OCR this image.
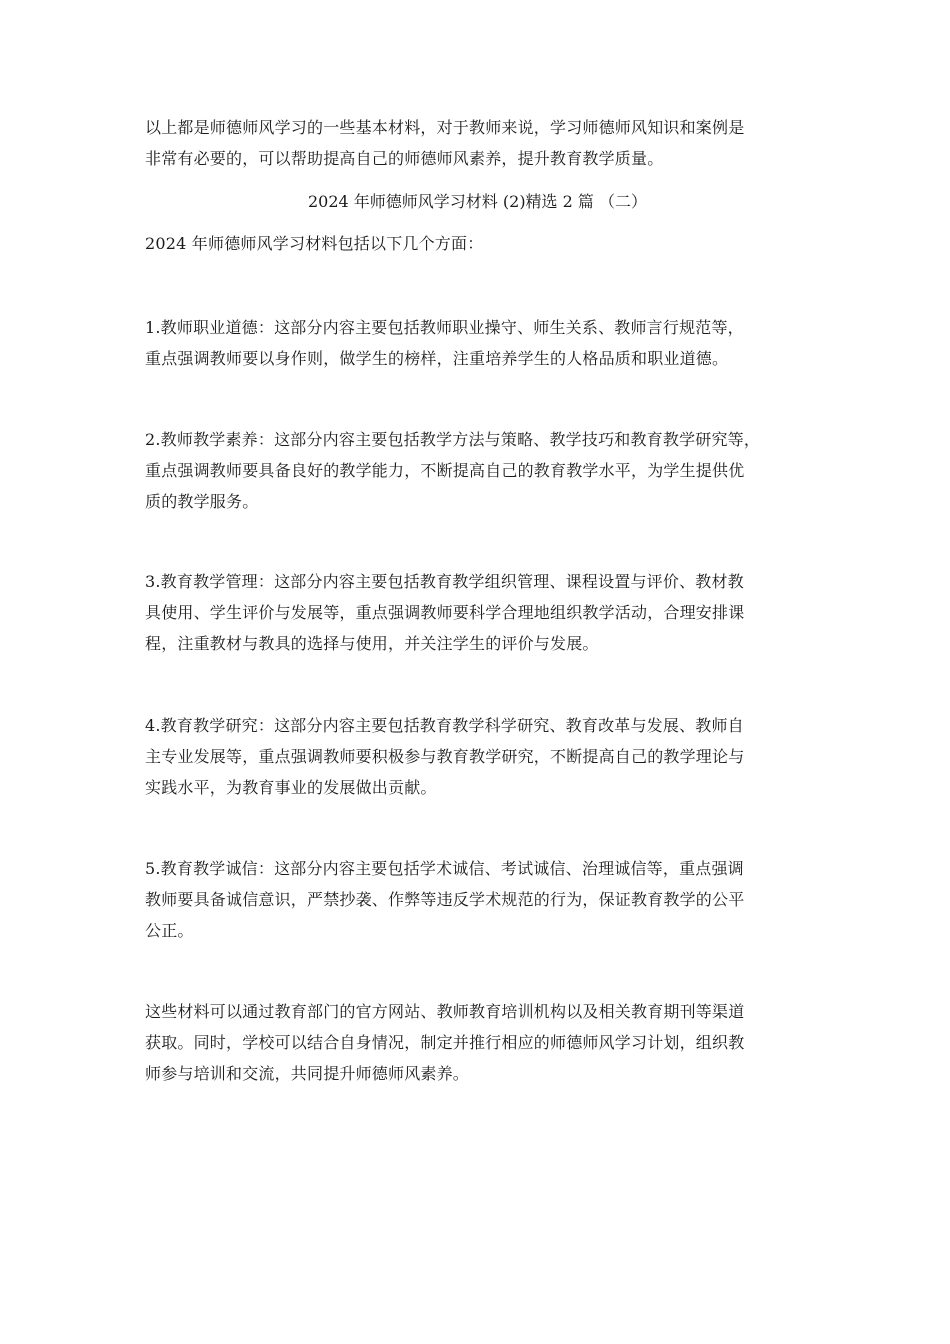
以上都是师德师风学习的一些基本材料，对于教师来说，学习师德师风知识和案例是
非常有必要的，可以帮助提高自己的师德师风素养，提升教育教学质量。

2024 年师德师风学习材料 (2)精选 2 篇 （二）

2024 年师德师风学习材料包括以下几个方面：

1.教师职业道德：这部分内容主要包括教师职业操守、师生关系、教师言行规范等，
重点强调教师要以身作则，做学生的榜样，注重培养学生的人格品质和职业道德。

2.教师教学素养：这部分内容主要包括教学方法与策略、教学技巧和教育教学研究等，
重点强调教师要具备良好的教学能力，不断提高自己的教育教学水平，为学生提供优
质的教学服务。

3.教育教学管理：这部分内容主要包括教育教学组织管理、课程设置与评价、教材教
具使用、学生评价与发展等，重点强调教师要科学合理地组织教学活动，合理安排课
程，注重教材与教具的选择与使用，并关注学生的评价与发展。

4.教育教学研究：这部分内容主要包括教育教学科学研究、教育改革与发展、教师自
主专业发展等，重点强调教师要积极参与教育教学研究，不断提高自己的教学理论与
实践水平，为教育事业的发展做出贡献。

5.教育教学诚信：这部分内容主要包括学术诚信、考试诚信、治理诚信等，重点强调
教师要具备诚信意识，严禁抄袭、作弊等违反学术规范的行为，保证教育教学的公平
公正。

这些材料可以通过教育部门的官方网站、教师教育培训机构以及相关教育期刊等渠道
获取。同时，学校可以结合自身情况，制定并推行相应的师德师风学习计划，组织教
师参与培训和交流，共同提升师德师风素养。
